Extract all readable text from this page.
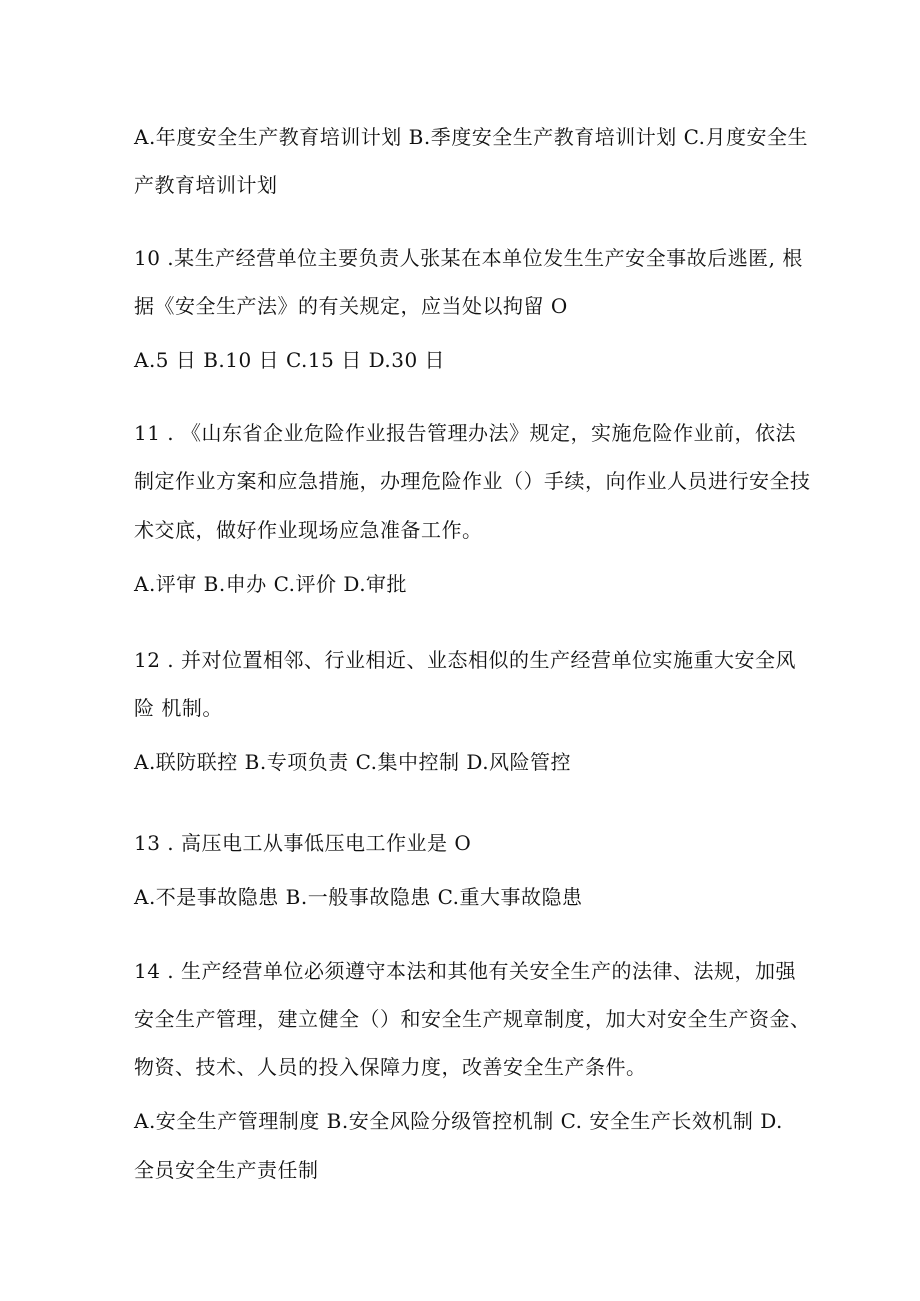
A.年度安全生产教育培训计划 B.季度安全生产教育培训计划 C.月度安全生
产教育培训计划
10 .某生产经营单位主要负责人张某在本单位发生生产安全事故后逃匿, 根
据《安全生产法》的有关规定，应当处以拘留 O
A.5 日 B.10 日 C.15 日 D.30 日
11 . 《山东省企业危险作业报告管理办法》规定，实施危险作业前，依法
制定作业方案和应急措施，办理危险作业（）手续，向作业人员进行安全技
术交底，做好作业现场应急准备工作。
A.评审 B.申办 C.评价 D.审批
12 . 并对位置相邻、行业相近、业态相似的生产经营单位实施重大安全风
险 机制。
A.联防联控 B.专项负责 C.集中控制 D.风险管控
13 . 高压电工从事低压电工作业是 O
A.不是事故隐患 B.一般事故隐患 C.重大事故隐患
14 . 生产经营单位必须遵守本法和其他有关安全生产的法律、法规，加强
安全生产管理，建立健全（）和安全生产规章制度，加大对安全生产资金、
物资、技术、人员的投入保障力度，改善安全生产条件。
A.安全生产管理制度 B.安全风险分级管控机制 C. 安全生产长效机制 D.
全员安全生产责任制
